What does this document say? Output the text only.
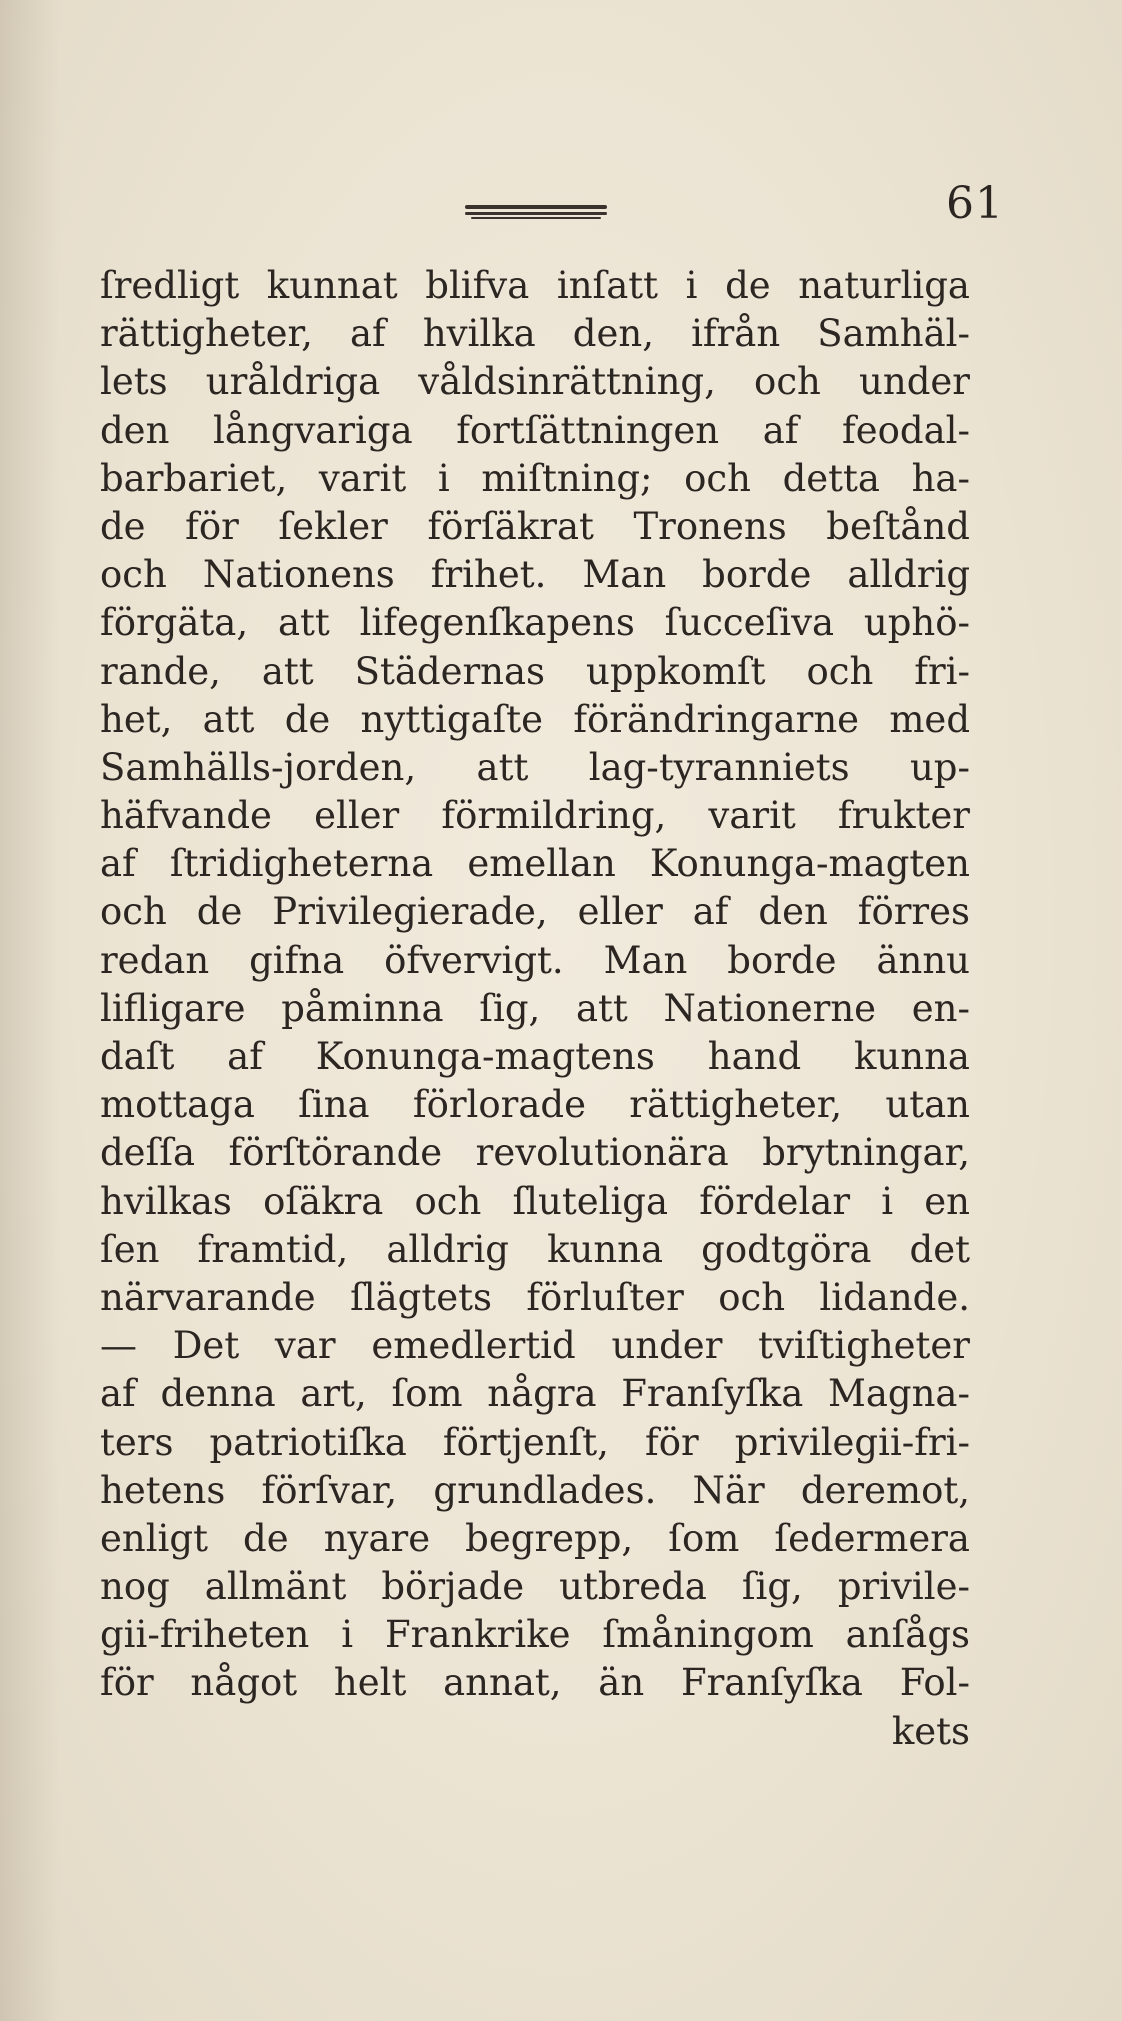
61
ſredligt kunnat blifva inſatt i de naturliga
rättigheter, af hvilka den, ifrån Samhäl-
lets uråldriga våldsinrättning, och under
den långvariga fortſättningen af feodal-
barbariet, varit i miſtning; och detta ha-
de för ſekler förſäkrat Tronens beſtånd
och Nationens frihet. Man borde alldrig
förgäta, att lifegenſkapens ſucceſiva uphö-
rande, att Städernas uppkomſt och fri-
het, att de nyttigaſte förändringarne med
Samhälls-jorden, att lag-tyranniets up-
häfvande eller förmildring, varit frukter
af ſtridigheterna emellan Konunga-magten
och de Privilegierade, eller af den förres
redan gifna öfvervigt. Man borde ännu
lifligare påminna ſig, att Nationerne en-
daſt af Konunga-magtens hand kunna
mottaga ſina förlorade rättigheter, utan
deſſa förſtörande revolutionära brytningar,
hvilkas oſäkra och ſluteliga fördelar i en
ſen framtid, alldrig kunna godtgöra det
närvarande ſlägtets förluſter och lidande.
— Det var emedlertid under tviſtigheter
af denna art, ſom några Franſyſka Magna-
ters patriotiſka förtjenſt, för privilegii-fri-
hetens förſvar, grundlades. När deremot,
enligt de nyare begrepp, ſom ſedermera
nog allmänt började utbreda ſig, privile-
gii-friheten i Frankrike ſmåningom anſågs
för något helt annat, än Franſyſka Fol-
kets
